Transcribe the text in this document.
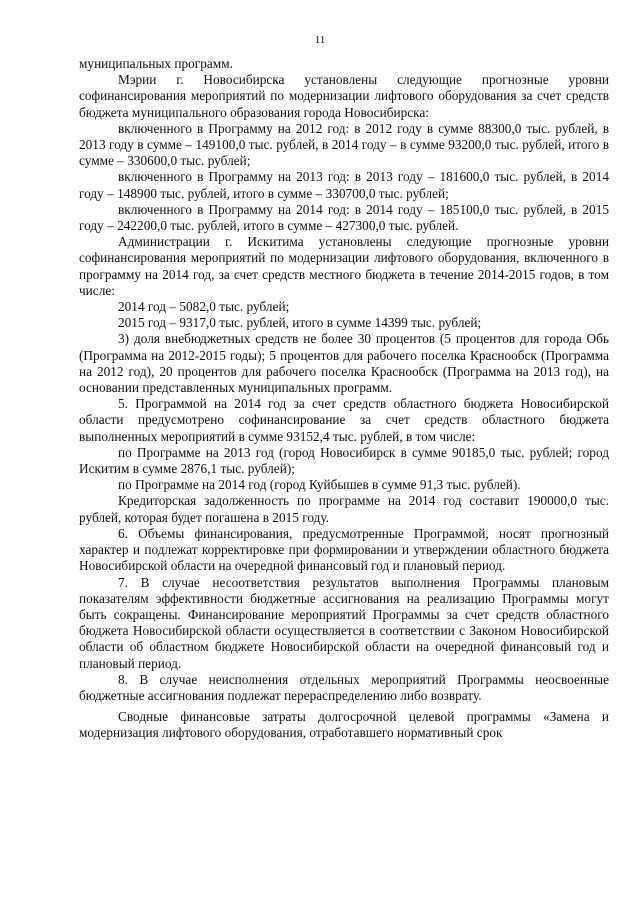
11

муниципальных программ.

Мэрии г. Новосибирска установлены следующие прогнозные уровни софинансирования мероприятий по модернизации лифтового оборудования за счет средств бюджета муниципального образования города Новосибирска:

включенного в Программу на 2012 год: в 2012 году в сумме 88300,0 тыс. рублей, в 2013 году в сумме – 149100,0 тыс. рублей, в 2014 году – в сумме 93200,0 тыс. рублей, итого в сумме – 330600,0 тыс. рублей;

включенного в Программу на 2013 год: в 2013 году – 181600,0 тыс. рублей, в 2014 году – 148900 тыс. рублей, итого в сумме – 330700,0 тыс. рублей;

включенного в Программу на 2014 год: в 2014 году – 185100,0 тыс. рублей, в 2015 году – 242200,0 тыс. рублей, итого в сумме – 427300,0 тыс. рублей.

Администрации г. Искитима установлены следующие прогнозные уровни софинансирования мероприятий по модернизации лифтового оборудования, включенного в программу на 2014 год, за счет средств местного бюджета в течение 2014-2015 годов, в том числе:

2014 год – 5082,0 тыс. рублей;

2015 год – 9317,0 тыс. рублей, итого в сумме 14399 тыс. рублей;

3) доля внебюджетных средств не более 30 процентов (5 процентов для города Обь (Программа на 2012-2015 годы); 5 процентов для рабочего поселка Краснообск (Программа на 2012 год), 20 процентов для рабочего поселка Краснообск (Программа на 2013 год), на основании представленных муниципальных программ.

5. Программой на 2014 год за счет средств областного бюджета Новосибирской области предусмотрено софинансирование за счет средств областного бюджета выполненных мероприятий в сумме 93152,4 тыс. рублей, в том числе:

по Программе на 2013 год (город Новосибирск в сумме 90185,0 тыс. рублей; город Искитим в сумме 2876,1 тыс. рублей);

по Программе на 2014 год (город Куйбышев в сумме 91,3 тыс. рублей).

Кредиторская задолженность по программе на 2014 год составит 190000,0 тыс. рублей, которая будет погашена в 2015 году.

6. Объемы финансирования, предусмотренные Программой, носят прогнозный характер и подлежат корректировке при формировании и утверждении областного бюджета Новосибирской области на очередной финансовый год и плановый период.

7. В случае несоответствия результатов выполнения Программы плановым показателям эффективности бюджетные ассигнования на реализацию Программы могут быть сокращены. Финансирование мероприятий Программы за счет средств областного бюджета Новосибирской области осуществляется в соответствии с Законом Новосибирской области об областном бюджете Новосибирской области на очередной финансовый год и плановый период.

8. В случае неисполнения отдельных мероприятий Программы неосвоенные бюджетные ассигнования подлежат перераспределению либо возврату.

Сводные финансовые затраты долгосрочной целевой программы «Замена и модернизация лифтового оборудования, отработавшего нормативный срок
